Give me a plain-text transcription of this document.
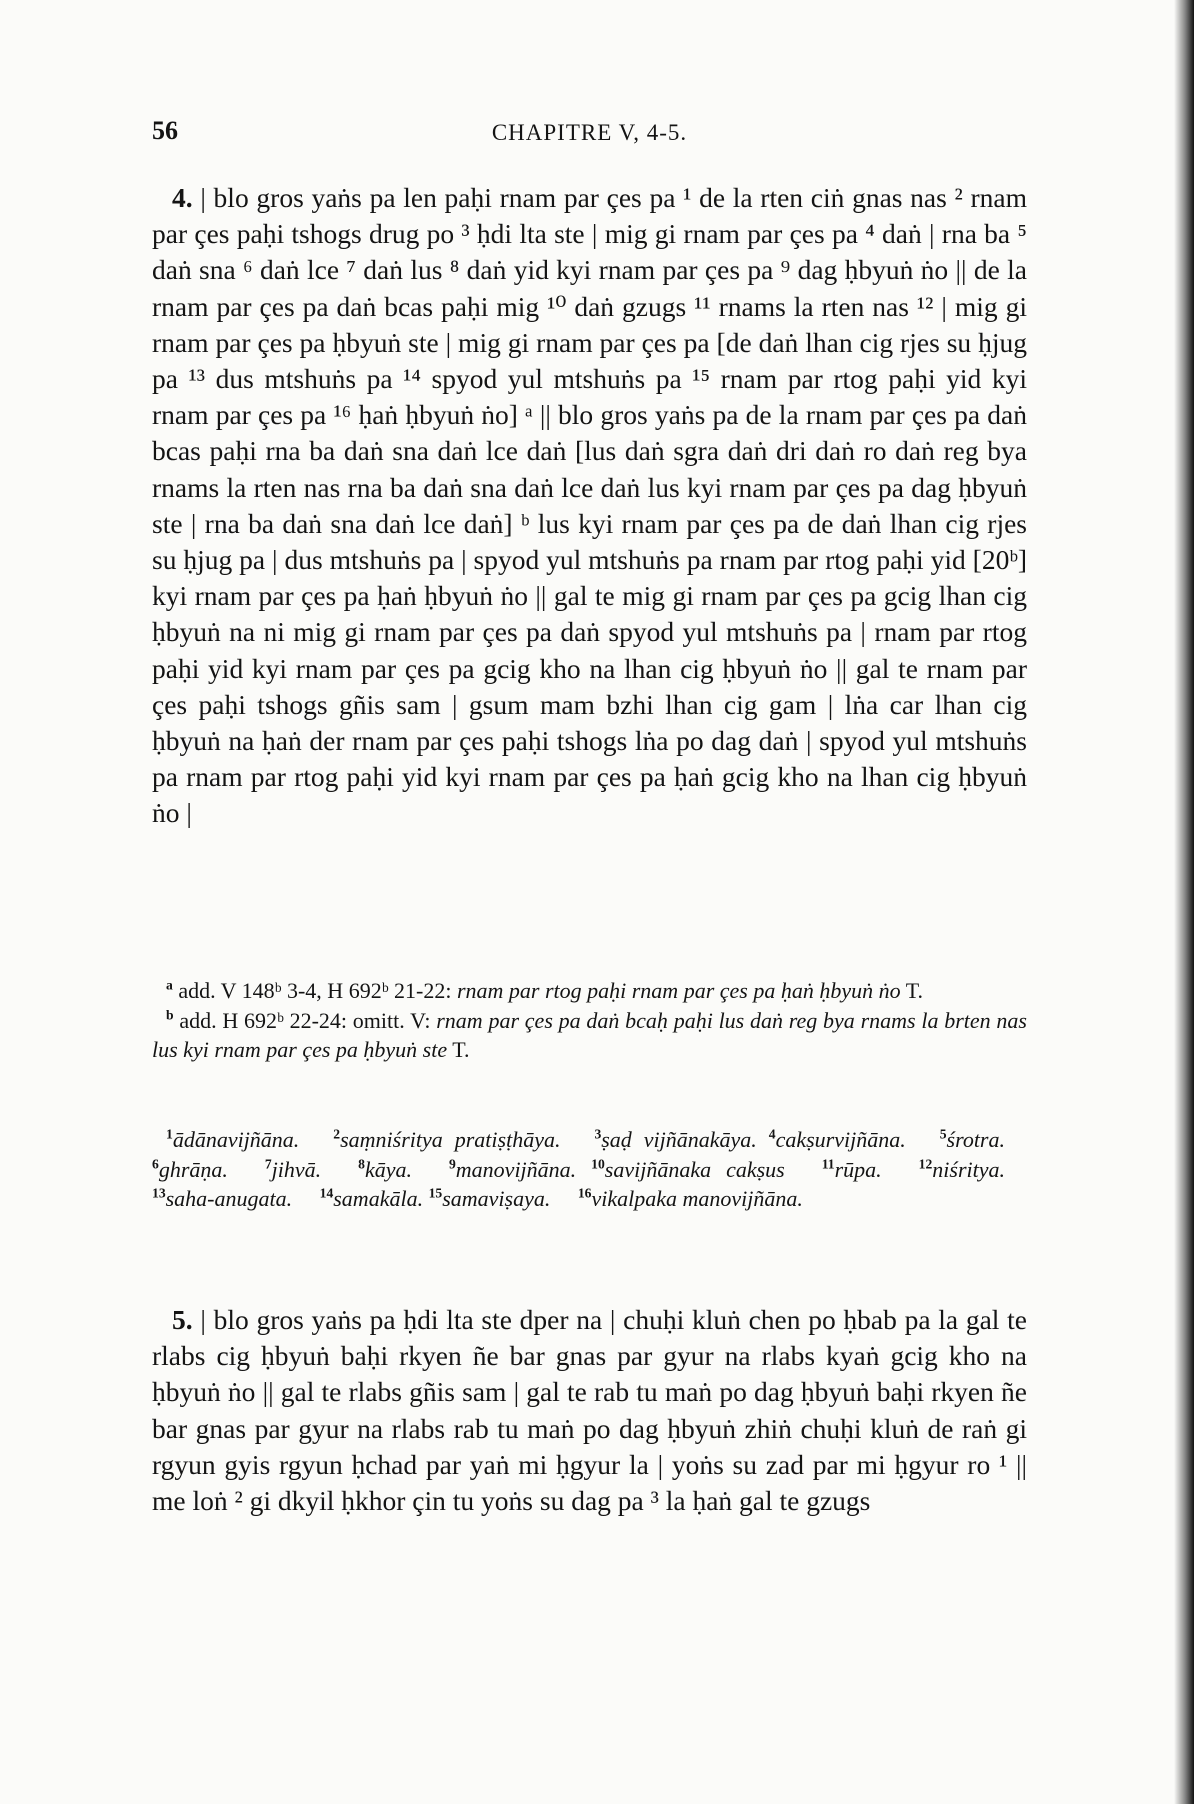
56	CHAPITRE V, 4-5.

4. | blo gros yaṅs pa len paḥi rnam par çes pa ¹ de la rten ciṅ gnas nas ² rnam par çes paḥi tshogs drug po ³ ḥdi lta ste | mig gi rnam par çes pa ⁴ daṅ | rna ba ⁵ daṅ sna ⁶ daṅ lce ⁷ daṅ lus ⁸ daṅ yid kyi rnam par çes pa ⁹ dag ḥbyuṅ ṅo || de la rnam par çes pa daṅ bcas paḥi mig ¹⁰ daṅ gzugs ¹¹ rnams la rten nas ¹² | mig gi rnam par çes pa ḥbyuṅ ste | mig gi rnam par çes pa [de daṅ lhan cig rjes su ḥjug pa ¹³ dus mtshuṅs pa ¹⁴ spyod yul mtshuṅs pa ¹⁵ rnam par rtog paḥi yid kyi rnam par çes pa ¹⁶ ḥaṅ ḥbyuṅ ṅo] ᵃ || blo gros yaṅs pa de la rnam par çes pa daṅ bcas paḥi rna ba daṅ sna daṅ lce daṅ [lus daṅ sgra daṅ dri daṅ ro daṅ reg bya rnams la rten nas rna ba daṅ sna daṅ lce daṅ lus kyi rnam par çes pa dag ḥbyuṅ ste | rna ba daṅ sna daṅ lce daṅ] ᵇ lus kyi rnam par çes pa de daṅ lhan cig rjes su ḥjug pa | dus mtshuṅs pa | spyod yul mtshuṅs pa rnam par rtog paḥi yid [20ᵇ] kyi rnam par çes pa ḥaṅ ḥbyuṅ ṅo || gal te mig gi rnam par çes pa gcig lhan cig ḥbyuṅ na ni mig gi rnam par çes pa daṅ spyod yul mtshuṅs pa | rnam par rtog paḥi yid kyi rnam par çes pa gcig kho na lhan cig ḥbyuṅ ṅo || gal te rnam par çes paḥi tshogs gñis sam | gsum mam bzhi lhan cig gam | lṅa car lhan cig ḥbyuṅ na ḥaṅ der rnam par çes paḥi tshogs lṅa po dag daṅ | spyod yul mtshuṅs pa rnam par rtog paḥi yid kyi rnam par çes pa ḥaṅ gcig kho na lhan cig ḥbyuṅ ṅo |

$^a$ add. V 148ᵇ 3-4, H 692ᵇ 21-22: rnam par rtog paḥi rnam par çes pa ḥaṅ ḥbyuṅ ṅo T.

$^b$ add. H 692ᵇ 22-24: omitt. V: rnam par çes pa daṅ bcaḥ paḥi lus daṅ reg bya rnams la brten nas lus kyi rnam par çes pa ḥbyuṅ ste T.

$^1$ādānavijñāna.  $^2$saṃniśritya pratiṣṭhāya.  $^3$ṣaḍ vijñānakāya. $^4$cakṣurvijñāna.  $^5$śrotra.  $^6$ghrāṇa. 	$^7$jihvā. 	$^8$kāya. 	$^9$manovijñāna. $^{10}$savijñānaka cakṣus 	$^{11}$rūpa. 	$^{12}$niśritya.  $^{13}$saha-anugata.  $^{14}$samakāla. $^{15}$samaviṣaya.  $^{16}$vikalpaka manovijñāna.

5. | blo gros yaṅs pa ḥdi lta ste dper na | chuḥi kluṅ chen po ḥbab pa la gal te rlabs cig ḥbyuṅ baḥi rkyen ñe bar gnas par gyur na rlabs kyaṅ gcig kho na ḥbyuṅ ṅo || gal te rlabs gñis sam | gal te rab tu maṅ po dag ḥbyuṅ baḥi rkyen ñe bar gnas par gyur na rlabs rab tu maṅ po dag ḥbyuṅ zhiṅ chuḥi kluṅ de raṅ gi rgyun gyis rgyun ḥchad par yaṅ mi ḥgyur la | yoṅs su zad par mi ḥgyur ro ¹ || me loṅ ² gi dkyil ḥkhor çin tu yoṅs su dag pa ³ la ḥaṅ gal te gzugs
